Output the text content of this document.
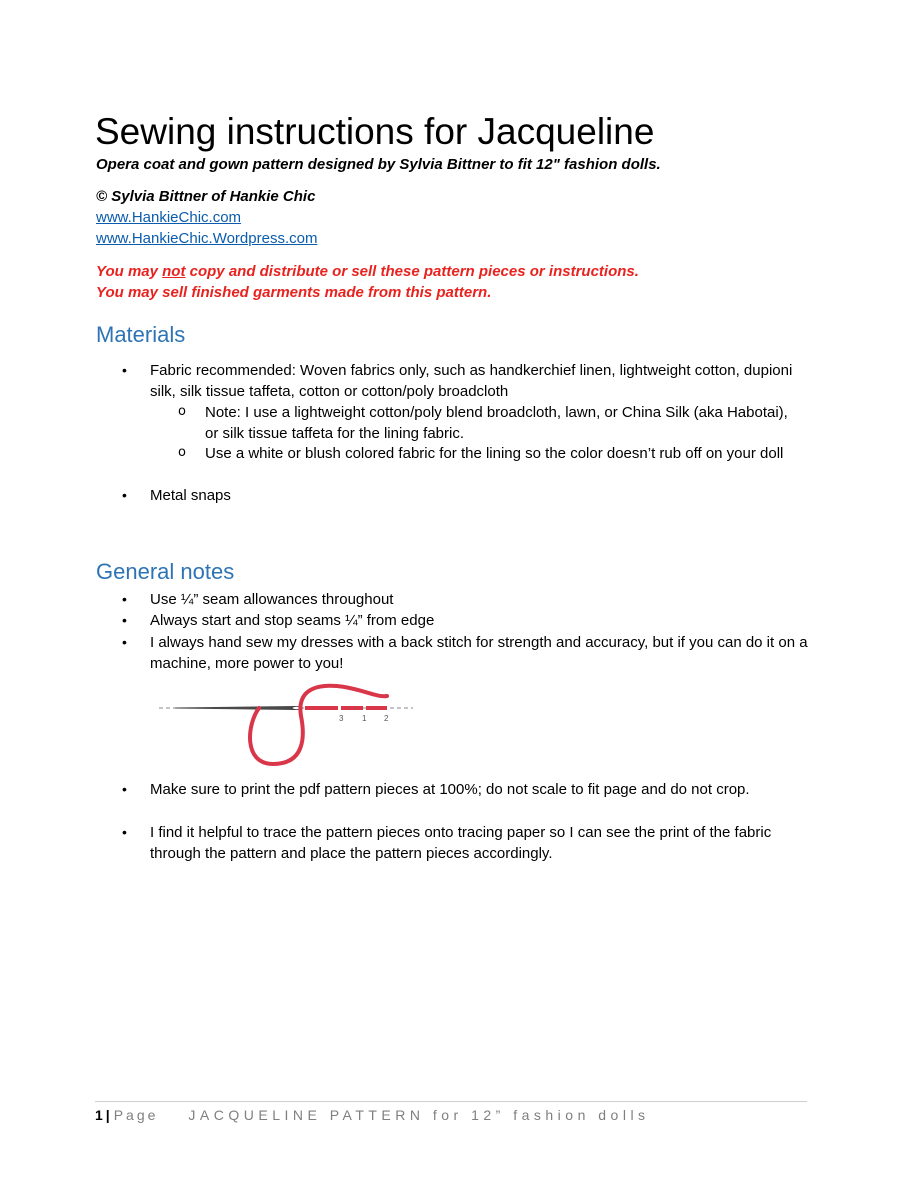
Sewing instructions for Jacqueline
Opera coat and gown pattern designed by Sylvia Bittner to fit 12" fashion dolls.
© Sylvia Bittner of Hankie Chic
www.HankieChic.com
www.HankieChic.Wordpress.com
You may not copy and distribute or sell these pattern pieces or instructions.
You may sell finished garments made from this pattern.
Materials
• Fabric recommended: Woven fabrics only, such as handkerchief linen, lightweight cotton, dupioni silk, silk tissue taffeta, cotton or cotton/poly broadcloth
o Note: I use a lightweight cotton/poly blend broadcloth, lawn, or China Silk (aka Habotai), or silk tissue taffeta for the lining fabric.
o Use a white or blush colored fabric for the lining so the color doesn’t rub off on your doll
• Metal snaps
General notes
• Use ¼” seam allowances throughout
• Always start and stop seams ¼” from edge
• I always hand sew my dresses with a back stitch for strength and accuracy, but if you can do it on a machine, more power to you!
3 1 2
• Make sure to print the pdf pattern pieces at 100%; do not scale to fit page and do not crop.
• I find it helpful to trace the pattern pieces onto tracing paper so I can see the print of the fabric through the pattern and place the pattern pieces accordingly.
1 | Page JACQUELINE PATTERN for 12” fashion dolls
